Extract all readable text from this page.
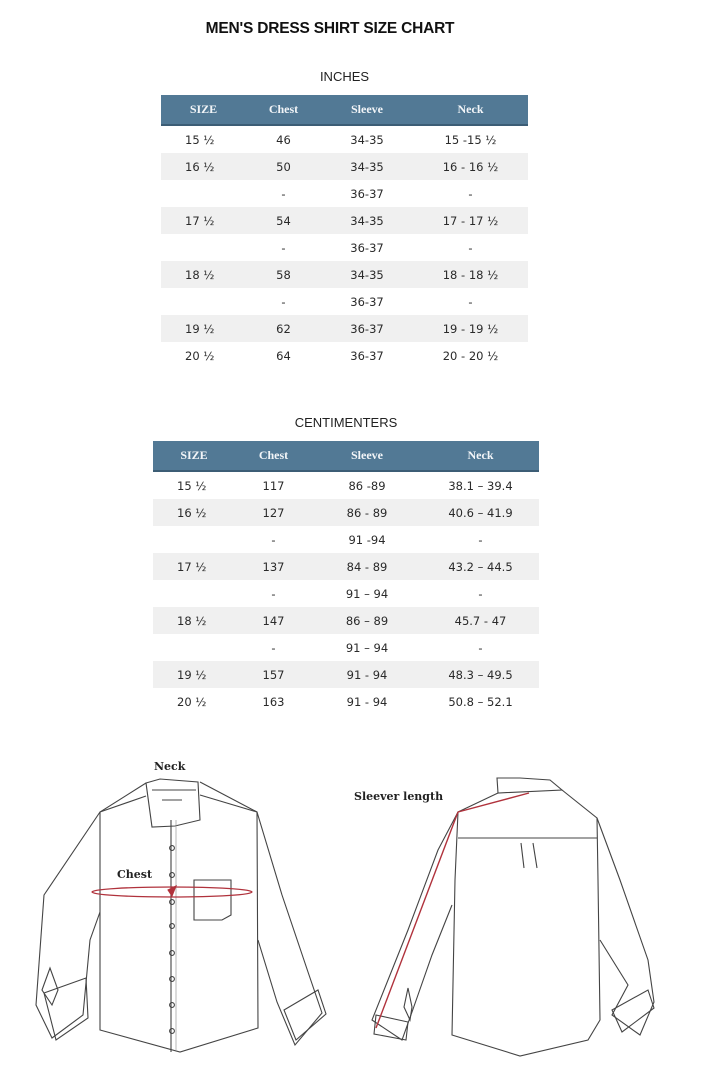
MEN'S DRESS SHIRT SIZE CHART
INCHES
SIZE	Chest	Sleeve	Neck
15 ½	46	34-35	15 -15 ½
16 ½	50	34-35	16 - 16 ½
	-	36-37	-
17 ½	54	34-35	17 - 17 ½
	-	36-37	-
18 ½	58	34-35	18 - 18 ½
	-	36-37	-
19 ½	62	36-37	19 - 19 ½
20 ½	64	36-37	20 - 20 ½
CENTIMENTERS
SIZE	Chest	Sleeve	Neck
15 ½	117	86 -89	38.1 – 39.4
16 ½	127	86 - 89	40.6 – 41.9
	-	91 -94	-
17 ½	137	84 - 89	43.2 – 44.5
	-	91 – 94	-
18 ½	147	86 – 89	45.7 - 47
	-	91 – 94	-
19 ½	157	91 - 94	48.3 – 49.5
20 ½	163	91 - 94	50.8 – 52.1
Neck
Chest
Sleever length
